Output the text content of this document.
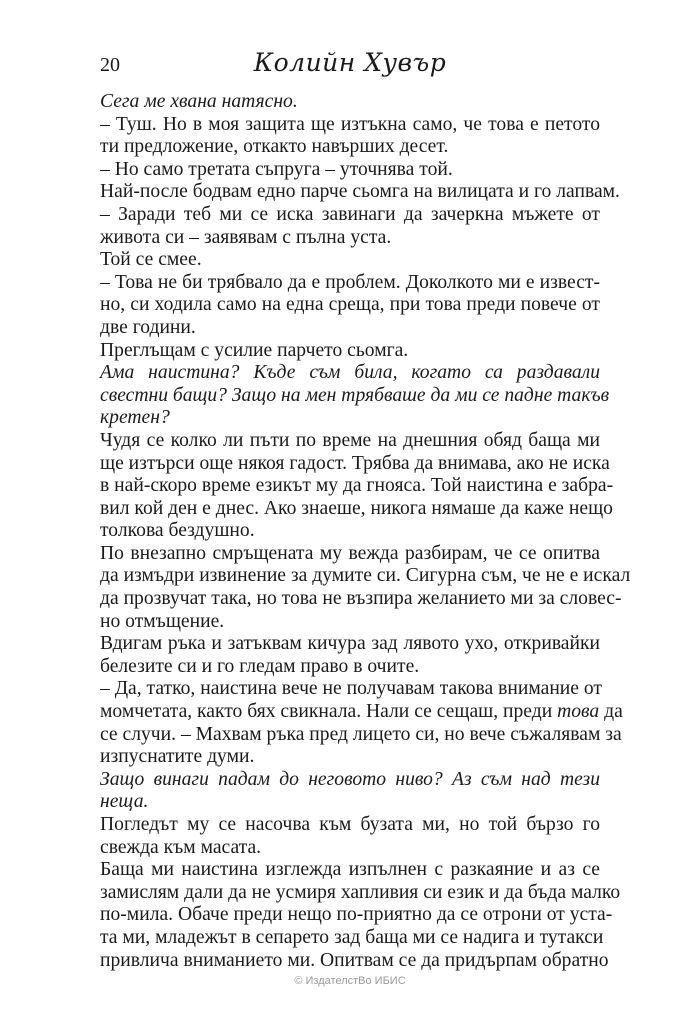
20	Колийн Хувър

Сега ме хвана натясно.

– Туш. Но в моя защита ще изтъкна само, че това е петото
ти предложение, откакто навърших десет.

– Но само третата съпруга – уточнява той.

Най-после бодвам едно парче сьомга на вилицата и го лапвам.

– Заради теб ми се иска завинаги да зачеркна мъжете от
живота си – заявявам с пълна уста.

Той се смее.

– Това не би трябвало да е проблем. Доколкото ми е извест-
но, си ходила само на една среща, при това преди повече от
две години.

Преглъщам с усилие парчето сьомга.

Ама наистина? Къде съм била, когато са раздавали
свестни бащи? Защо на мен трябваше да ми се падне такъв
кретен?

Чудя се колко ли пъти по време на днешния обяд баща ми
ще изтърси още някоя гадост. Трябва да внимава, ако не иска
в най-скоро време езикът му да гнояса. Той наистина е забра-
вил кой ден е днес. Ако знаеше, никога нямаше да каже нещо
толкова бездушно.

По внезапно смръщената му вежда разбирам, че се опитва
да измъдри извинение за думите си. Сигурна съм, че не е искал
да прозвучат така, но това не възпира желанието ми за словес-
но отмъщение.

Вдигам ръка и затъквам кичура зад лявото ухо, откривайки
белезите си и го гледам право в очите.

– Да, татко, наистина вече не получавам такова внимание от
момчетата, както бях свикнала. Нали се сещаш, преди това да
се случи. – Махвам ръка пред лицето си, но вече съжалявам за
изпуснатите думи.

Защо винаги падам до неговото ниво? Аз съм над тези
неща.

Погледът му се насочва към бузата ми, но той бързо го
свежда към масата.

Баща ми наистина изглежда изпълнен с разкаяние и аз се
замислям дали да не усмиря хапливия си език и да бъда малко
по-мила. Обаче преди нещо по-приятно да се отрони от уста-
та ми, младежът в сепарето зад баща ми се надига и тутакси
привлича вниманието ми. Опитвам се да придърпам обратно

© ИздателстВо ИБИС
